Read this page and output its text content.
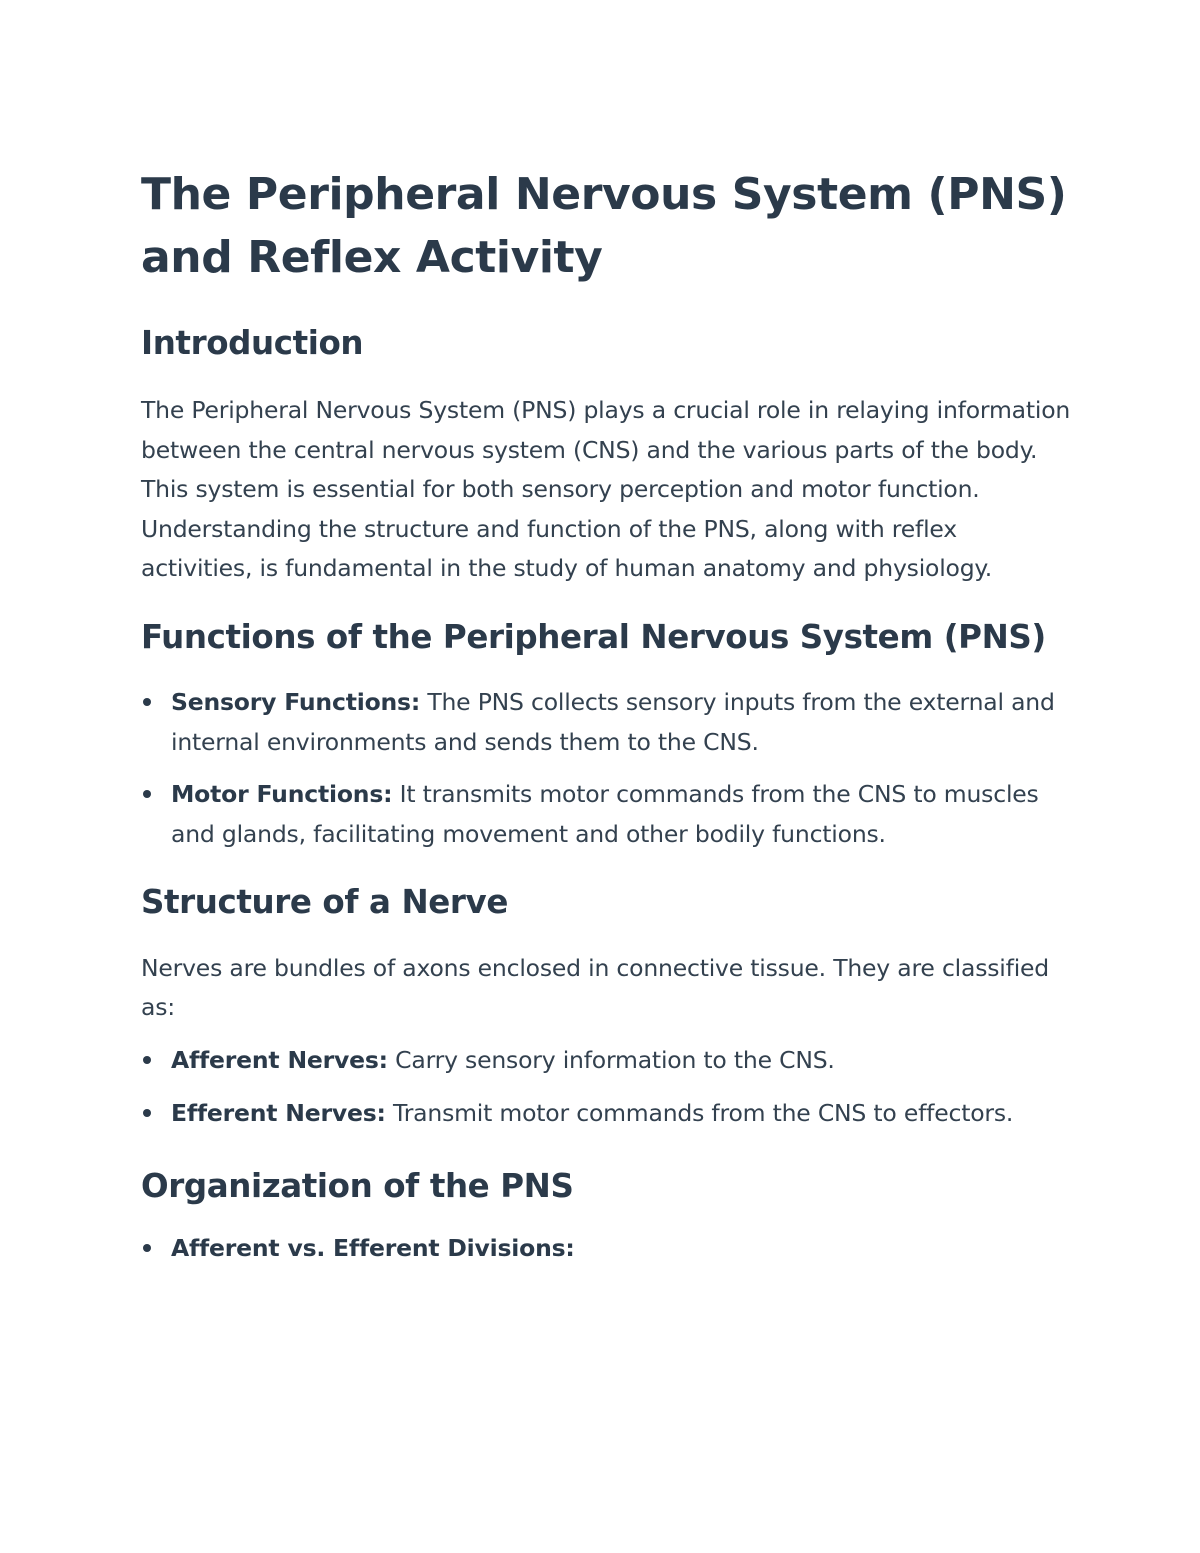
The Peripheral Nervous System (PNS) and Reflex Activity
Introduction

The Peripheral Nervous System (PNS) plays a crucial role in relaying information between the central nervous system (CNS) and the various parts of the body. This system is essential for both sensory perception and motor function. Understanding the structure and function of the PNS, along with reflex activities, is fundamental in the study of human anatomy and physiology.

Functions of the Peripheral Nervous System (PNS)
Sensory Functions: The PNS collects sensory inputs from the external and internal environments and sends them to the CNS.
Motor Functions: It transmits motor commands from the CNS to muscles and glands, facilitating movement and other bodily functions.
Structure of a Nerve

Nerves are bundles of axons enclosed in connective tissue. They are classified as:

Afferent Nerves: Carry sensory information to the CNS.
Efferent Nerves: Transmit motor commands from the CNS to effectors.
Organization of the PNS
Afferent vs. Efferent Divisions:
